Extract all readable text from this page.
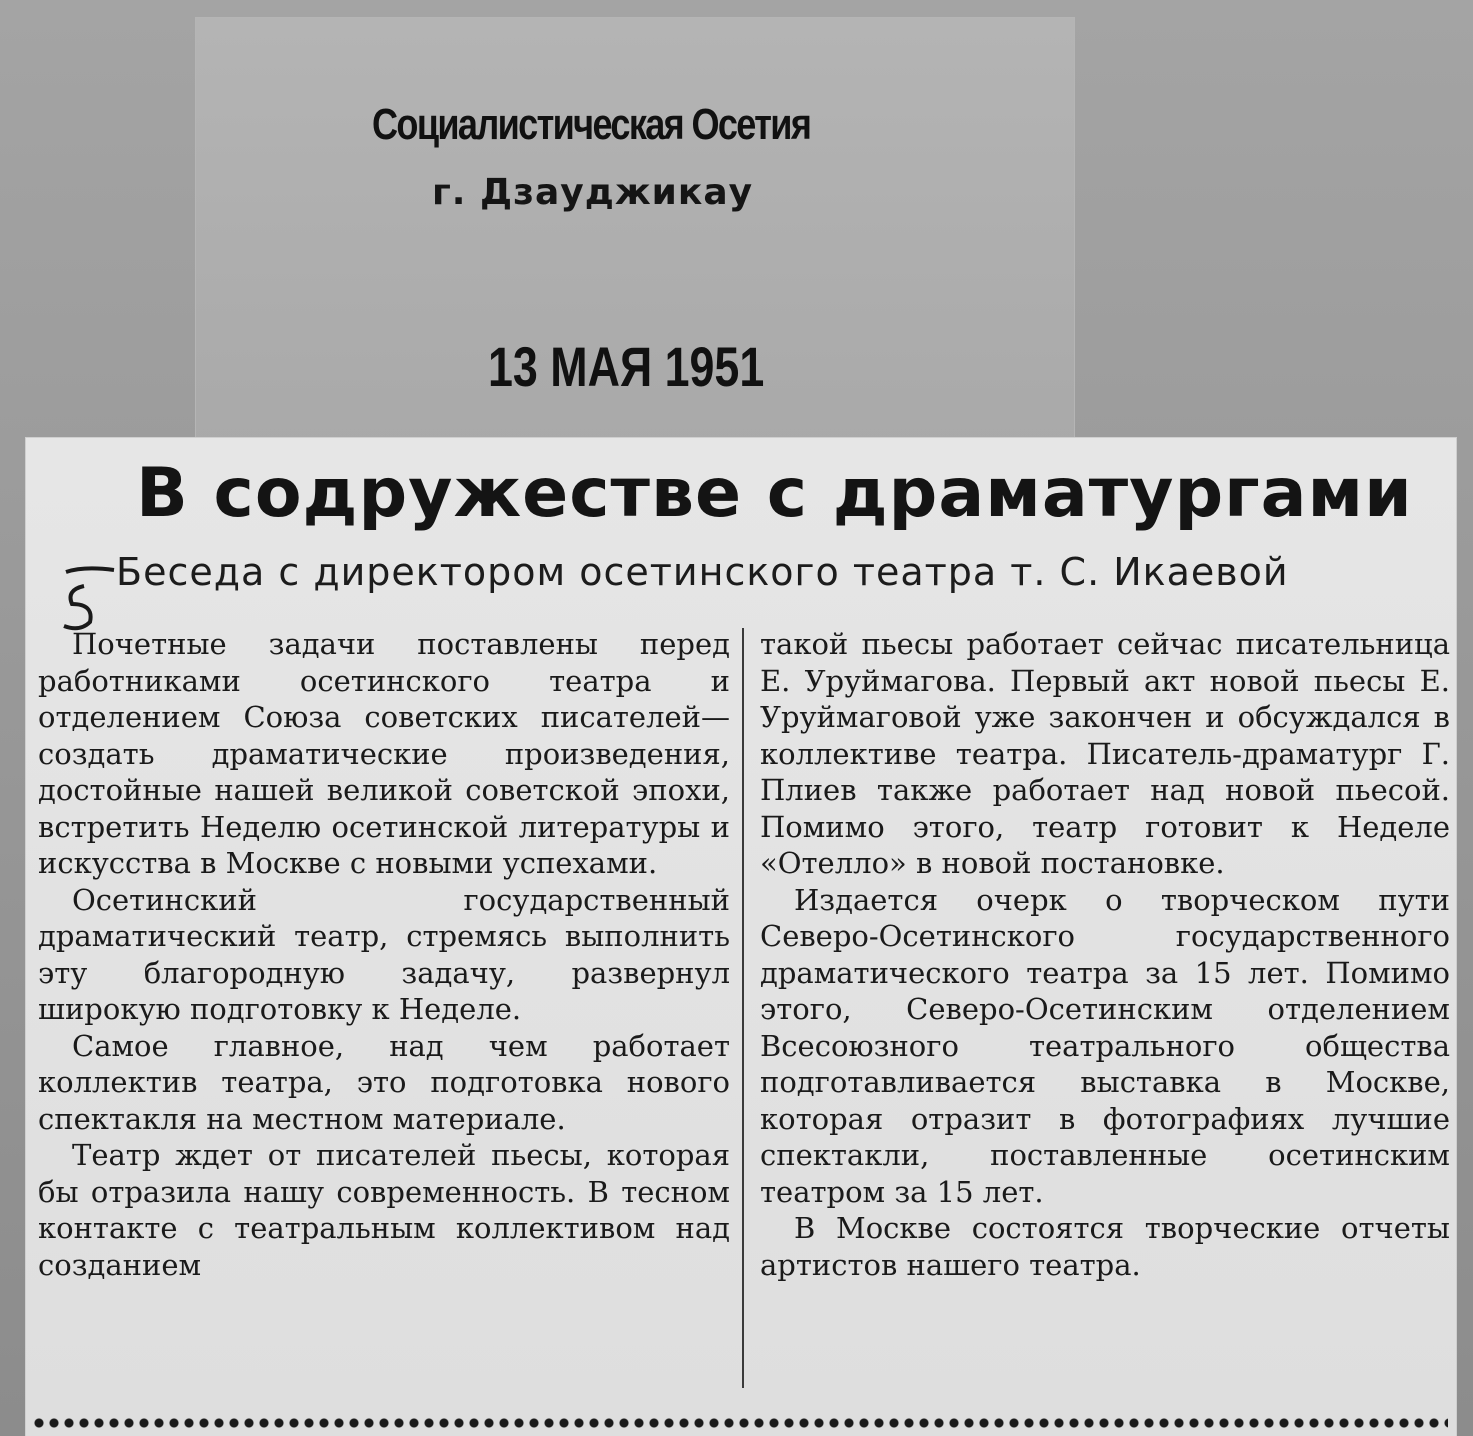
Социалистическая Осетия
г. Дзауджикау
13 МАЯ 1951
В содружестве с драматургами
Беседа с директором осетинского театра т. С. Икаевой

Почетные задачи поставлены перед работниками осетинского театра и отделением Союза советских писателей—создать драматические произведения, достойные нашей великой советской эпохи, встретить Неделю осетинской литературы и искусства в Москве с новыми успехами.

Осетинский государственный драматический театр, стремясь выполнить эту благородную задачу, развернул широкую подготовку к Неделе.

Самое главное, над чем работает коллектив театра, это подготовка нового спектакля на местном материале.

Театр ждет от писателей пьесы, которая бы отразила нашу современность. В тесном контакте с театральным коллективом над созданием

такой пьесы работает сейчас писательница Е. Уруймагова. Первый акт новой пьесы Е. Уруймаговой уже закончен и обсуждался в коллективе театра. Писатель-драматург Г. Плиев также работает над новой пьесой. Помимо этого, театр готовит к Неделе «Отелло» в новой постановке.

Издается очерк о творческом пути Северо-Осетинского государственного драматического театра за 15 лет. Помимо этого, Северо-Осетинским отделением Всесоюзного театрального общества подготавливается выставка в Москве, которая отразит в фотографиях лучшие спектакли, поставленные осетинским театром за 15 лет.

В Москве состоятся творческие отчеты артистов нашего театра.
